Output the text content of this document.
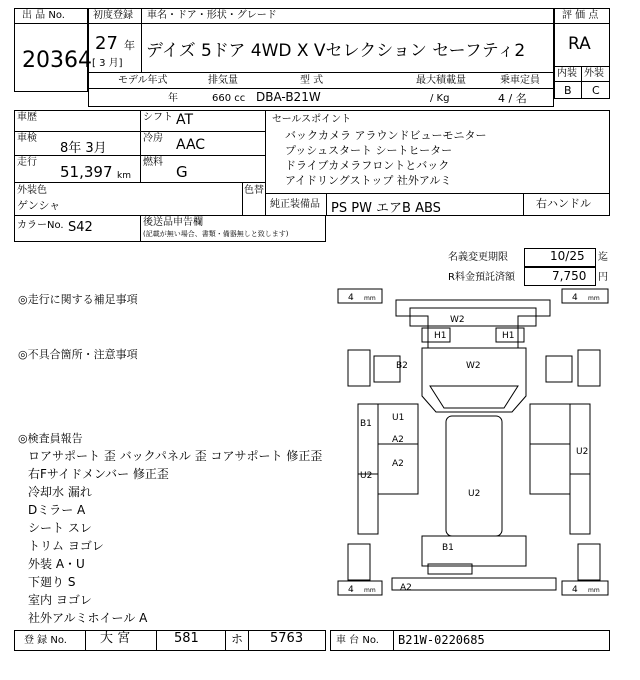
出 品 No.
20364
初度登録 車名・ドア・形状・グレード
27 年
[ 3 月]
デイズ 5ドア 4WD X Vセレクション セーフティ2
評 価 点
RA
内装 外装
B C
モデル年式	排気量	型 式	最大積載量	乗車定員
年	660 cc DBA-B21W	/ Kg	4 / 名
車歴	シフト AT
車検
8年 3月
冷房 AAC
走行
51,397 km
燃料
G
セールスポイント
バックカメラ アラウンドビューモニター
プッシュスタート シートヒーター
ドライブカメラフロントとバック
アイドリングストップ 社外アルミ
外装色
ゲンシャ
色替
純正装備品 PS PW エアB ABS	右ハンドル
カラーNo. S42	後送品申告欄
(記載が無い場合、書類・備器無しと致します)
名義変更期限	10/25 迄
R料金預託済額	7,750 円
◎走行に関する補足事項
◎不具合箇所・注意事項
◎検査員報告
ロアサポート 歪 バックパネル 歪 コアサポート 修正歪
右Fサイドメンバー 修正歪
冷却水 漏れ
Dミラー A
シート スレ
トリム ヨゴレ
外装 A・U
下廻り S
室内 ヨゴレ
社外アルミホイール A
4 mm	4 mm
4 mm	4 mm
W2
H1	H1
B2	W2
B1
U1
A2
A2
U2
U2
U2
B1
A2
登 録 No.	大 宮	581	ホ 5763	車 台 No. B21W-0220685
